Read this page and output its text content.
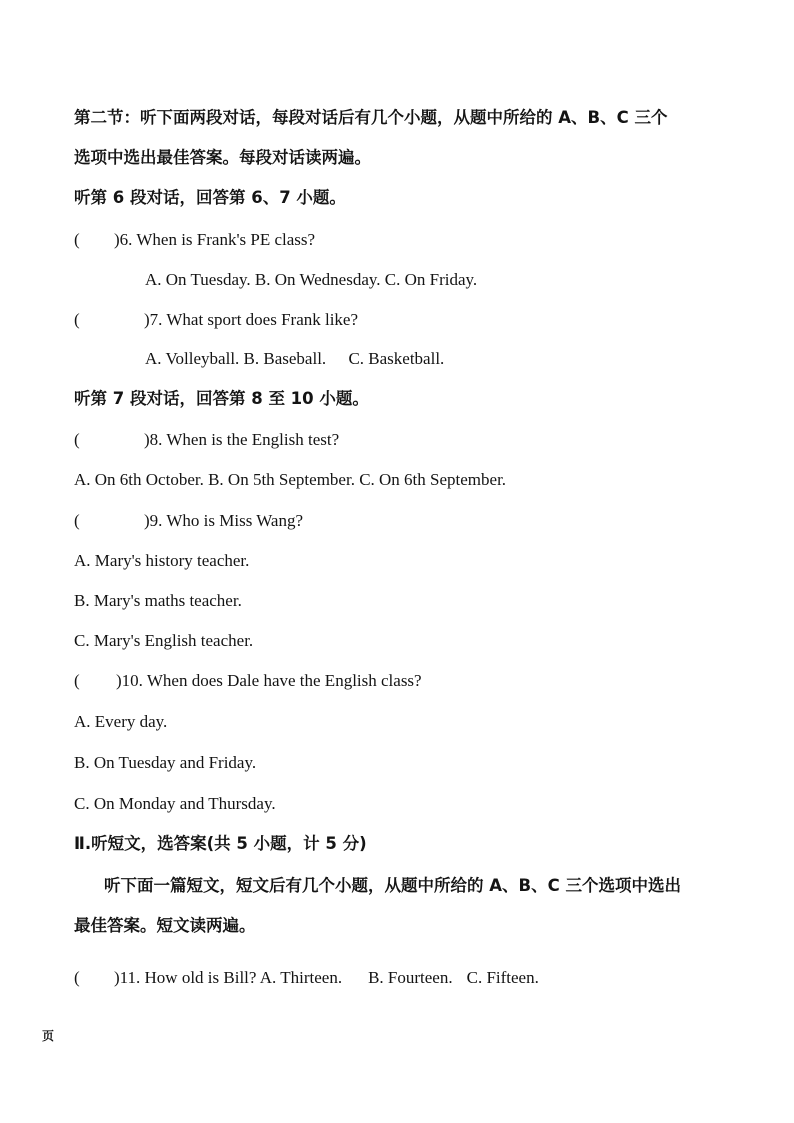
第二节：听下面两段对话，每段对话后有几个小题，从题中所给的 A、B、C 三个
选项中选出最佳答案。每段对话读两遍。
听第 6 段对话，回答第 6、7 小题。
( )6. When is Frank's PE class?
A. On Tuesday. B. On Wednesday. C. On Friday.
(	)7. What sport does Frank like?
A. Volleyball. B. Baseball. C. Basketball.
听第 7 段对话，回答第 8 至 10 小题。
(	)8. When is the English test?
A. On 6th October. B. On 5th September. C. On 6th September.
(	)9. Who is Miss Wang?
A. Mary's history teacher.
B. Mary's maths teacher.
C. Mary's English teacher.
( )10. When does Dale have the English class?
A. Every day.
B. On Tuesday and Friday.
C. On Monday and Thursday.
Ⅱ.听短文，选答案(共 5 小题，计 5 分)
听下面一篇短文，短文后有几个小题，从题中所给的 A、B、C 三个选项中选出
最佳答案。短文读两遍。
( )11. How old is Bill? A. Thirteen. B. Fourteen. C. Fifteen.
页
